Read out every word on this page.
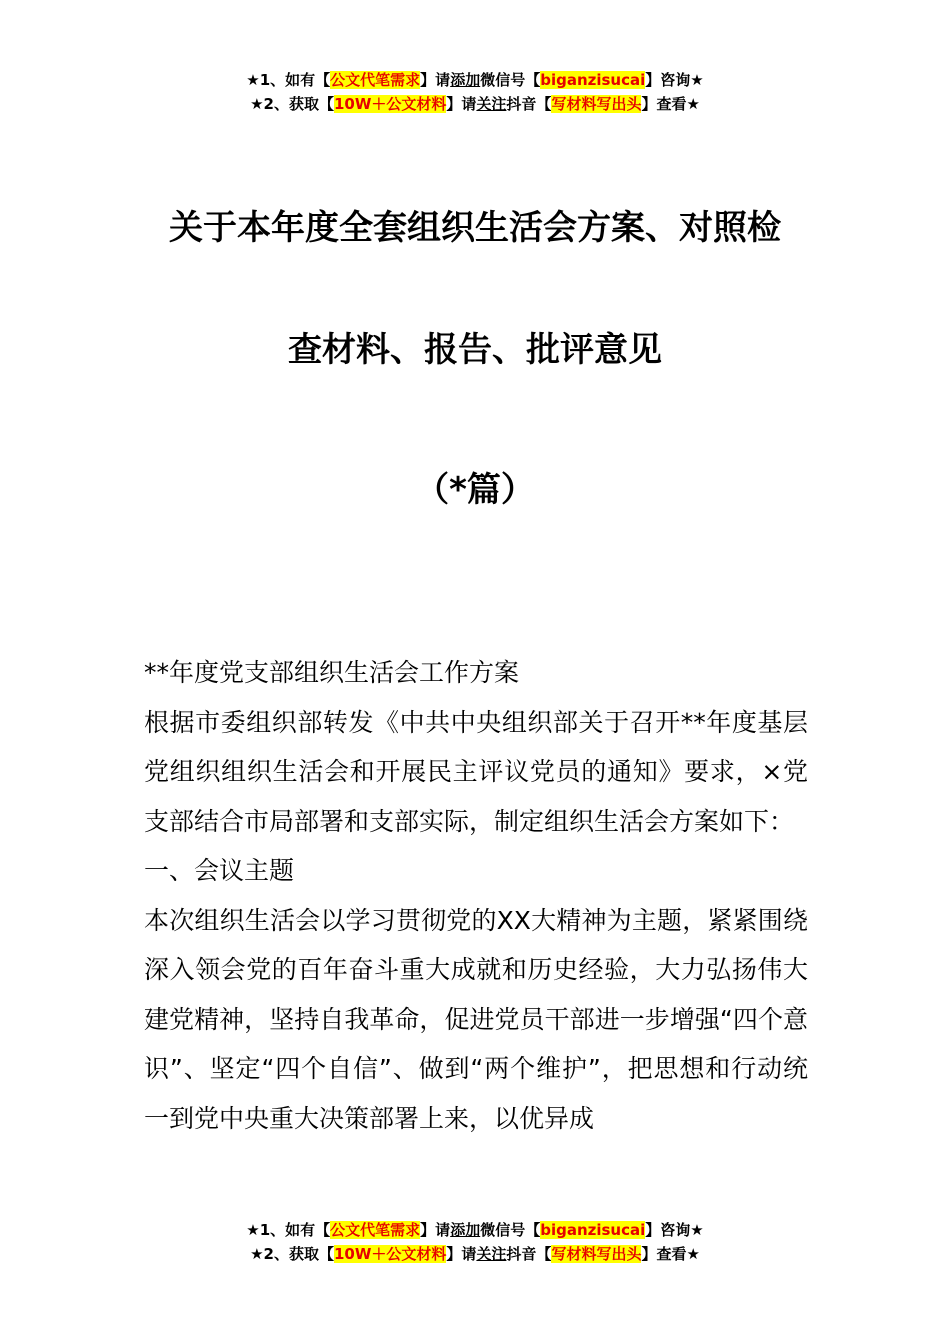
★1、如有【公文代笔需求】请添加微信号【biganzisucai】咨询★
★2、获取【10W＋公文材料】请关注抖音【写材料写出头】查看★
关于本年度全套组织生活会方案、对照检
查材料、报告、批评意见
（*篇）

**年度党支部组织生活会工作方案

根据市委组织部转发《中共中央组织部关于召开**年度基层党组织组织生活会和开展民主评议党员的通知》要求，×党支部结合市局部署和支部实际，制定组织生活会方案如下：

一、会议主题

本次组织生活会以学习贯彻党的XX大精神为主题，紧紧围绕深入领会党的百年奋斗重大成就和历史经验，大力弘扬伟大建党精神，坚持自我革命，促进党员干部进一步增强“四个意识”、坚定“四个自信”、做到“两个维护”，把思想和行动统一到党中央重大决策部署上来，以优异成

★1、如有【公文代笔需求】请添加微信号【biganzisucai】咨询★
★2、获取【10W＋公文材料】请关注抖音【写材料写出头】查看★
